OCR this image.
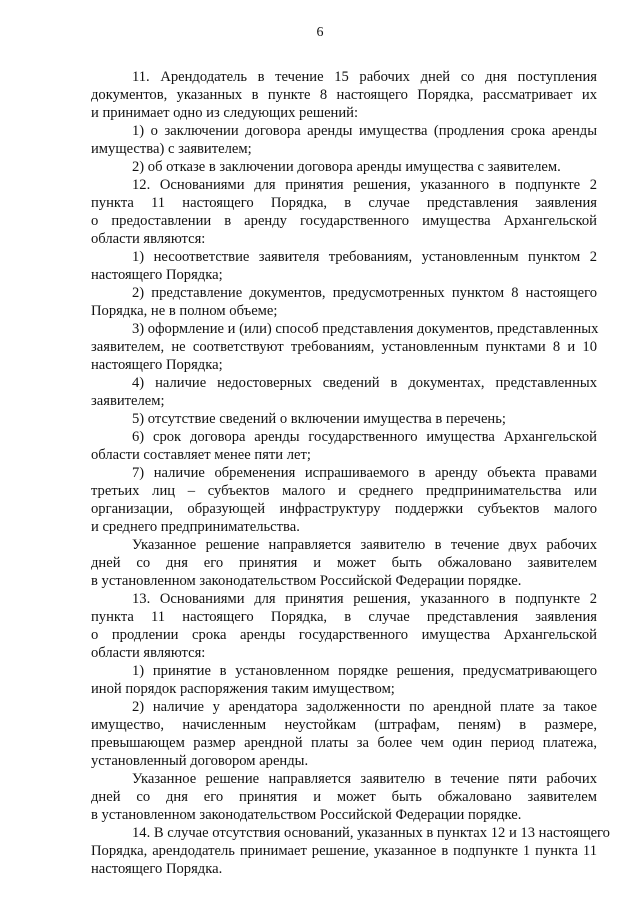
6
11. Арендодатель в течение 15 рабочих дней со дня поступления
документов, указанных в пункте 8 настоящего Порядка, рассматривает их
и принимает одно из следующих решений:
1) о заключении договора аренды имущества (продления срока аренды
имущества) с заявителем;
2) об отказе в заключении договора аренды имущества с заявителем.
12. Основаниями для принятия решения, указанного в подпункте 2
пункта 11 настоящего Порядка, в случае представления заявления
о предоставлении в аренду государственного имущества Архангельской
области являются:
1) несоответствие заявителя требованиям, установленным пунктом 2
настоящего Порядка;
2) представление документов, предусмотренных пунктом 8 настоящего
Порядка, не в полном объеме;
3) оформление и (или) способ представления документов, представленных
заявителем, не соответствуют требованиям, установленным пунктами 8 и 10
настоящего Порядка;
4) наличие недостоверных сведений в документах, представленных
заявителем;
5) отсутствие сведений о включении имущества в перечень;
6) срок договора аренды государственного имущества Архангельской
области составляет менее пяти лет;
7) наличие обременения испрашиваемого в аренду объекта правами
третьих лиц – субъектов малого и среднего предпринимательства или
организации, образующей инфраструктуру поддержки субъектов малого
и среднего предпринимательства.
Указанное решение направляется заявителю в течение двух рабочих
дней со дня его принятия и может быть обжаловано заявителем
в установленном законодательством Российской Федерации порядке.
13. Основаниями для принятия решения, указанного в подпункте 2
пункта 11 настоящего Порядка, в случае представления заявления
о продлении срока аренды государственного имущества Архангельской
области являются:
1) принятие в установленном порядке решения, предусматривающего
иной порядок распоряжения таким имуществом;
2) наличие у арендатора задолженности по арендной плате за такое
имущество, начисленным неустойкам (штрафам, пеням) в размере,
превышающем размер арендной платы за более чем один период платежа,
установленный договором аренды.
Указанное решение направляется заявителю в течение пяти рабочих
дней со дня его принятия и может быть обжаловано заявителем
в установленном законодательством Российской Федерации порядке.
14. В случае отсутствия оснований, указанных в пунктах 12 и 13 настоящего
Порядка, арендодатель принимает решение, указанное в подпункте 1 пункта 11
настоящего Порядка.
